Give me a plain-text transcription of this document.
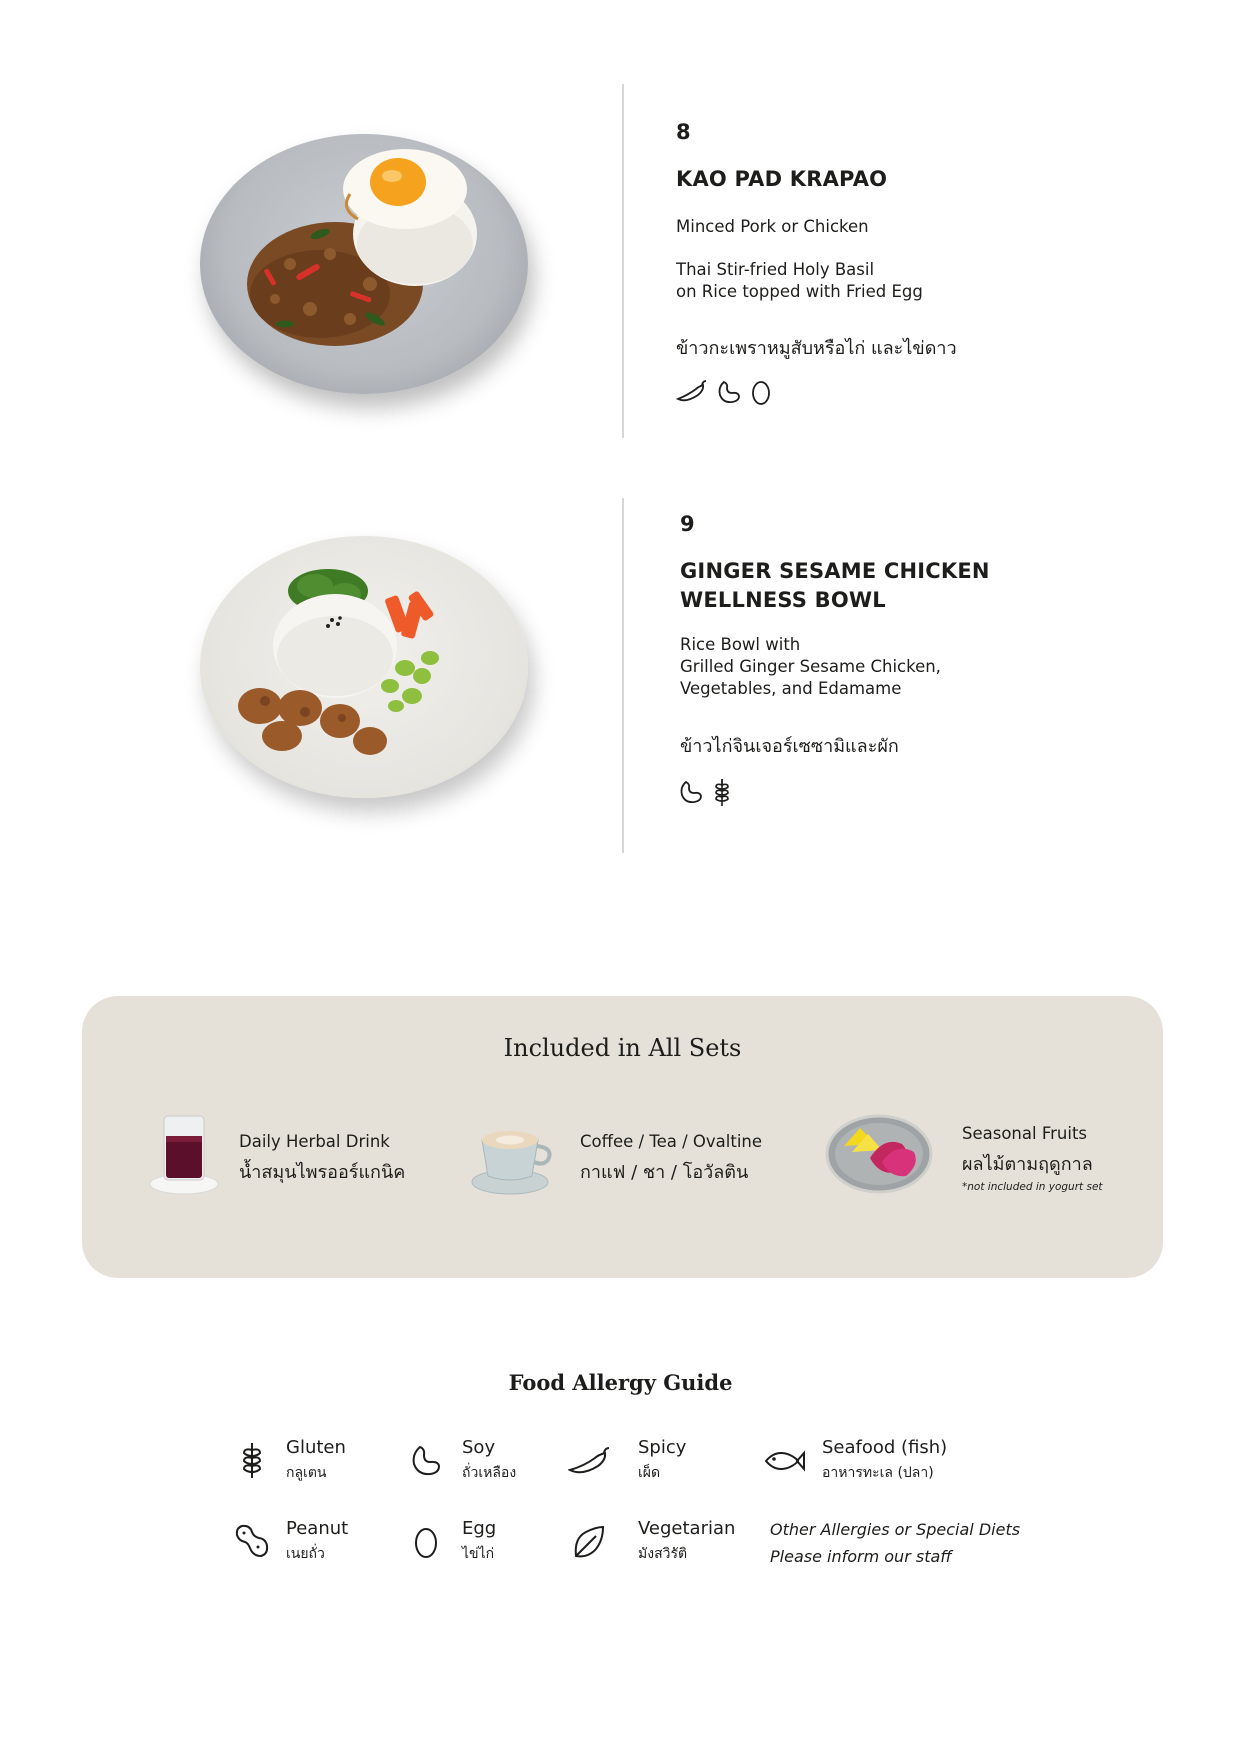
8
KAO PAD KRAPAO
Minced Pork or Chicken
Thai Stir-fried Holy Basil
on Rice topped with Fried Egg
ข้าวกะเพราหมูสับหรือไก่ และไข่ดาว
9
GINGER SESAME CHICKEN
WELLNESS BOWL
Rice Bowl with
Grilled Ginger Sesame Chicken,
Vegetables, and Edamame
ข้าวไก่จินเจอร์เซซามิและผัก
Included in All Sets
Daily Herbal Drink
น้ำสมุนไพรออร์แกนิค
Coffee / Tea / Ovaltine
กาแฟ / ชา / โอวัลติน
Seasonal Fruits
ผลไม้ตามฤดูกาล
*not included in yogurt set
Food Allergy Guide
Gluten
กลูเตน
Soy
ถั่วเหลือง
Spicy
เผ็ด
Seafood (fish)
อาหารทะเล (ปลา)
Peanut
เนยถั่ว
Egg
ไข่ไก่
Vegetarian
มังสวิรัติ
Other Allergies or Special Diets
Please inform our staff
